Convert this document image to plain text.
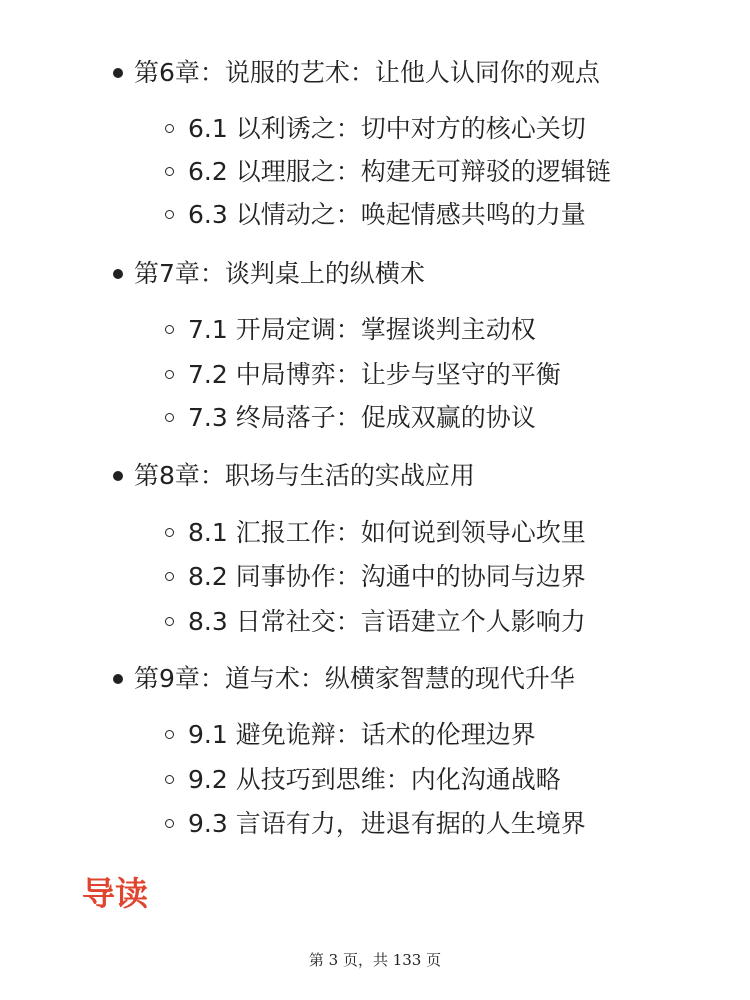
第6章：说服的艺术：让他人认同你的观点
6.1 以利诱之：切中对方的核心关切
6.2 以理服之：构建无可辩驳的逻辑链
6.3 以情动之：唤起情感共鸣的力量
第7章：谈判桌上的纵横术
7.1 开局定调：掌握谈判主动权
7.2 中局博弈：让步与坚守的平衡
7.3 终局落子：促成双赢的协议
第8章：职场与生活的实战应用
8.1 汇报工作：如何说到领导心坎里
8.2 同事协作：沟通中的协同与边界
8.3 日常社交：言语建立个人影响力
第9章：道与术：纵横家智慧的现代升华
9.1 避免诡辩：话术的伦理边界
9.2 从技巧到思维：内化沟通战略
9.3 言语有力，进退有据的人生境界
导读
第 3 页，共 133 页
